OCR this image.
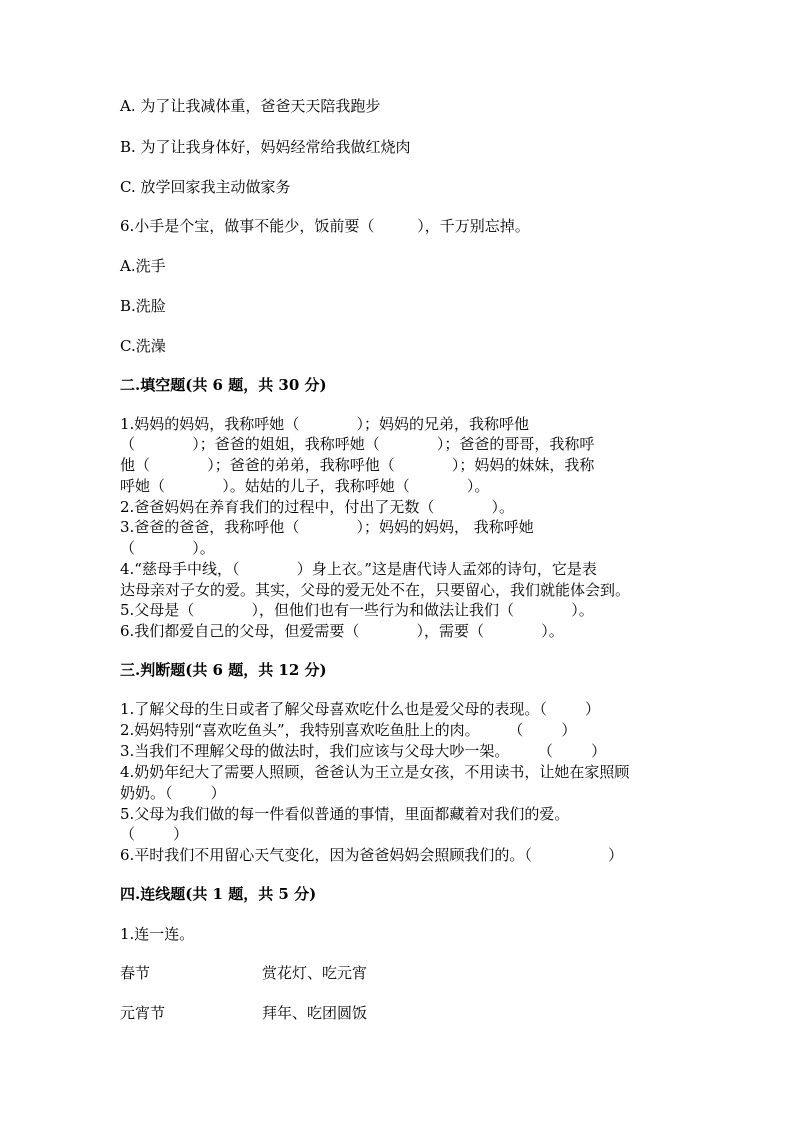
A. 为了让我减体重，爸爸天天陪我跑步
B. 为了让我身体好，妈妈经常给我做红烧肉
C. 放学回家我主动做家务
6.小手是个宝，做事不能少，饭前要（         ），千万别忘掉。
A.洗手
B.洗脸
C.洗澡
二.填空题(共 6 题，共 30 分)
1.妈妈的妈妈，我称呼她（            ）；妈妈的兄弟，我称呼他
（            ）；爸爸的姐姐，我称呼她（            ）；爸爸的哥哥，我称呼
他（            ）；爸爸的弟弟，我称呼他（            ）；妈妈的妹妹，我称
呼她（            ）。姑姑的儿子，我称呼她（            ）。
2.爸爸妈妈在养育我们的过程中，付出了无数（            ）。
3.爸爸的爸爸，我称呼他（            ）；妈妈的妈妈， 我称呼她
（            ）。
4.“慈母手中线，（            ）身上衣。”这是唐代诗人孟郊的诗句，它是表
达母亲对子女的爱。其实，父母的爱无处不在，只要留心，我们就能体会到。
5.父母是（            ），但他们也有一些行为和做法让我们（            ）。
6.我们都爱自己的父母，但爱需要（            ），需要（            ）。
三.判断题(共 6 题，共 12 分)
1.了解父母的生日或者了解父母喜欢吃什么也是爱父母的表现。（        ）
2.妈妈特别“喜欢吃鱼头”，我特别喜欢吃鱼肚上的肉。      （        ）
3.当我们不理解父母的做法时，我们应该与父母大吵一架。      （        ）
4.奶奶年纪大了需要人照顾，爸爸认为王立是女孩，不用读书，让她在家照顾
奶奶。（        ）
5.父母为我们做的每一件看似普通的事情，里面都藏着对我们的爱。
（        ）
6.平时我们不用留心天气变化，因为爸爸妈妈会照顾我们的。（                ）
四.连线题(共 1 题，共 5 分)
1.连一连。
春节	赏花灯、吃元宵
元宵节	拜年、吃团圆饭
